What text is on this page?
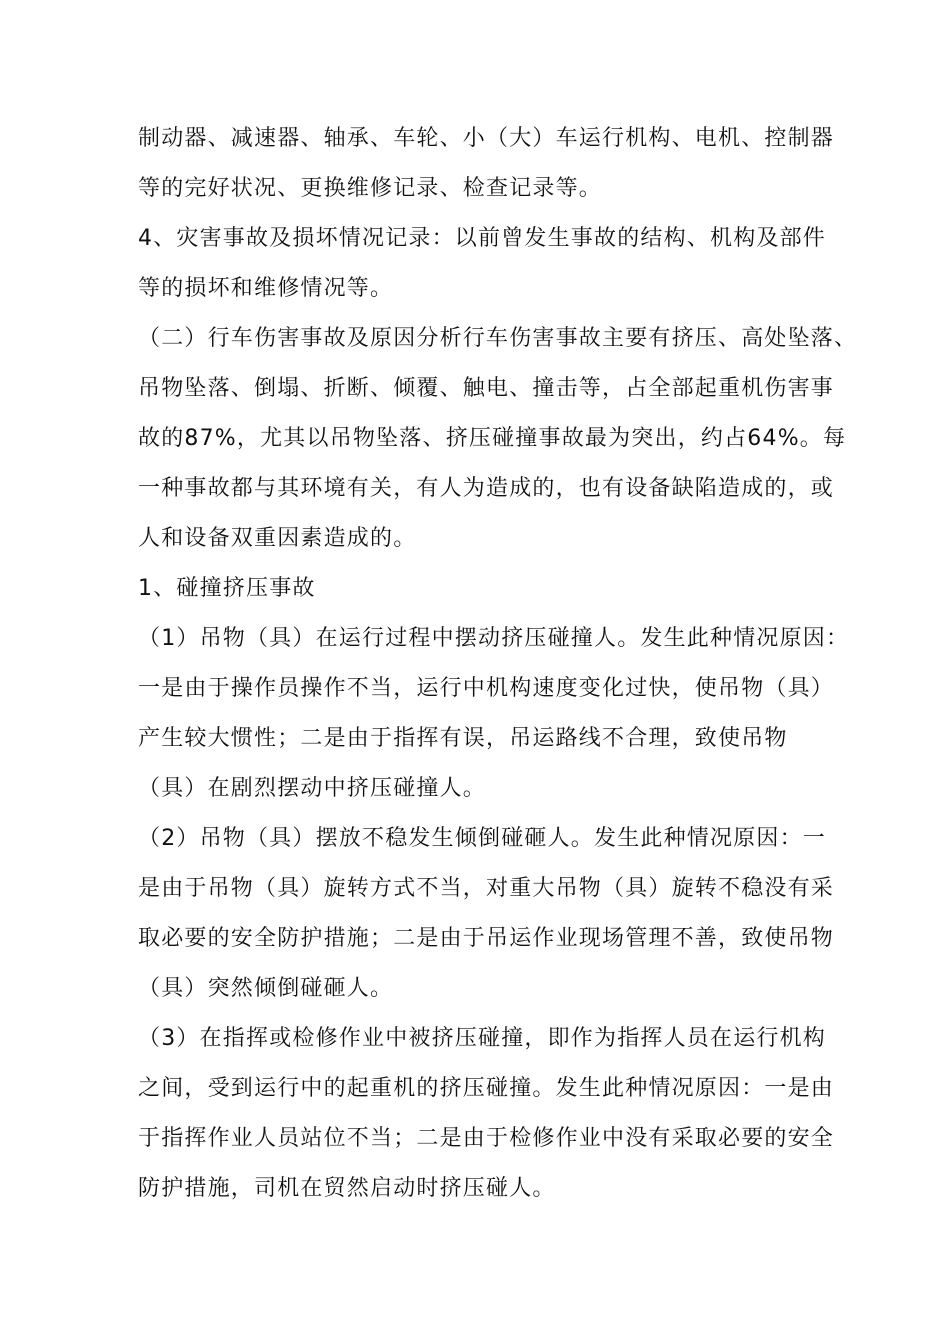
制动器、减速器、轴承、车轮、小（大）车运行机构、电机、控制器
等的完好状况、更换维修记录、检查记录等。
4、灾害事故及损坏情况记录：以前曾发生事故的结构、机构及部件
等的损坏和维修情况等。
（二）行车伤害事故及原因分析行车伤害事故主要有挤压、高处坠落、
吊物坠落、倒塌、折断、倾覆、触电、撞击等，占全部起重机伤害事
故的87%，尤其以吊物坠落、挤压碰撞事故最为突出，约占64%。每
一种事故都与其环境有关，有人为造成的，也有设备缺陷造成的，或
人和设备双重因素造成的。
1、碰撞挤压事故
（1）吊物（具）在运行过程中摆动挤压碰撞人。发生此种情况原因：
一是由于操作员操作不当，运行中机构速度变化过快，使吊物（具）
产生较大惯性；二是由于指挥有误，吊运路线不合理，致使吊物
（具）在剧烈摆动中挤压碰撞人。
（2）吊物（具）摆放不稳发生倾倒碰砸人。发生此种情况原因：一
是由于吊物（具）旋转方式不当，对重大吊物（具）旋转不稳没有采
取必要的安全防护措施；二是由于吊运作业现场管理不善，致使吊物
（具）突然倾倒碰砸人。
（3）在指挥或检修作业中被挤压碰撞，即作为指挥人员在运行机构
之间，受到运行中的起重机的挤压碰撞。发生此种情况原因：一是由
于指挥作业人员站位不当；二是由于检修作业中没有采取必要的安全
防护措施，司机在贸然启动时挤压碰人。
